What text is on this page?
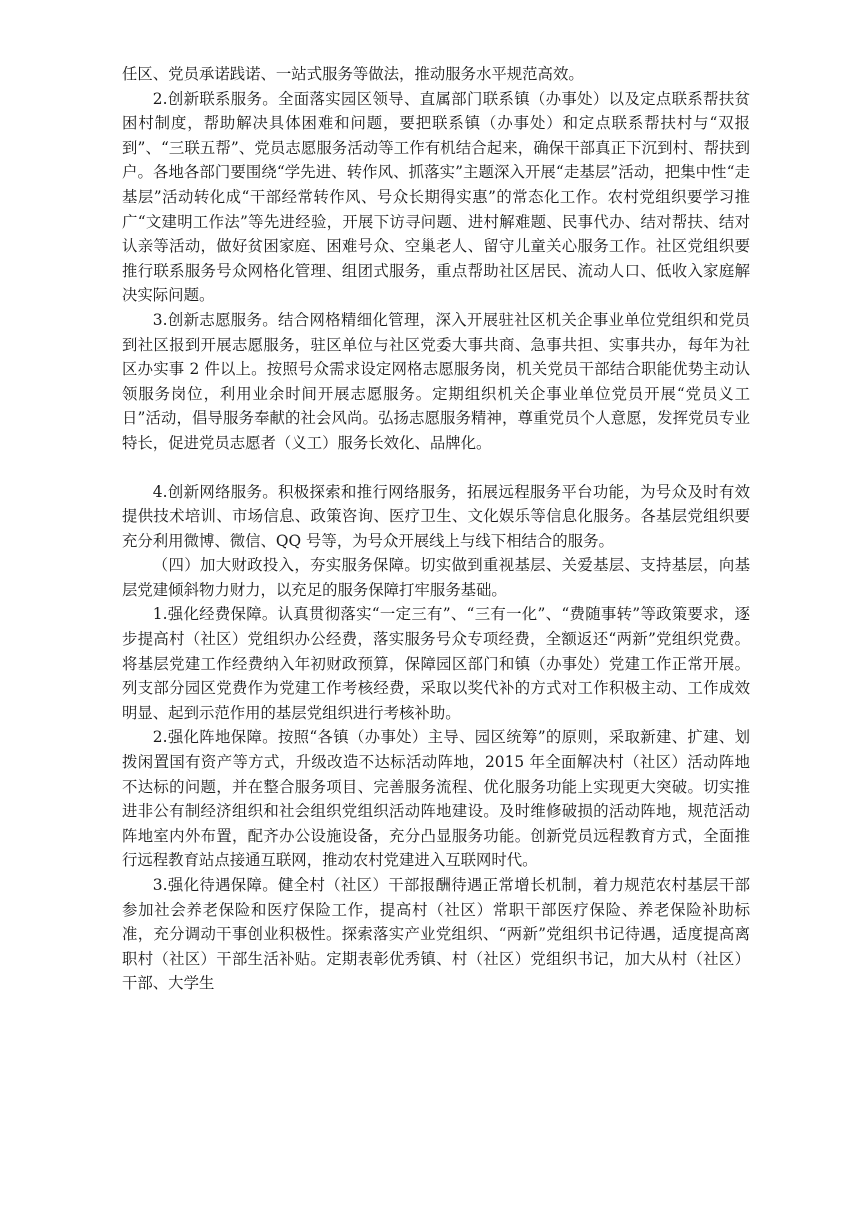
任区、党员承诺践诺、一站式服务等做法，推动服务水平规范高效。

2.创新联系服务。全面落实园区领导、直属部门联系镇（办事处）以及定点联系帮扶贫困村制度，帮助解决具体困难和问题，要把联系镇（办事处）和定点联系帮扶村与“双报到”、“三联五帮”、党员志愿服务活动等工作有机结合起来，确保干部真正下沉到村、帮扶到户。各地各部门要围绕“学先进、转作风、抓落实”主题深入开展“走基层”活动，把集中性“走基层”活动转化成“干部经常转作风、号众长期得实惠”的常态化工作。农村党组织要学习推广“文建明工作法”等先进经验，开展下访寻问题、进村解难题、民事代办、结对帮扶、结对认亲等活动，做好贫困家庭、困难号众、空巢老人、留守儿童关心服务工作。社区党组织要推行联系服务号众网格化管理、组团式服务，重点帮助社区居民、流动人口、低收入家庭解决实际问题。

3.创新志愿服务。结合网格精细化管理，深入开展驻社区机关企事业单位党组织和党员到社区报到开展志愿服务，驻区单位与社区党委大事共商、急事共担、实事共办，每年为社区办实事 2 件以上。按照号众需求设定网格志愿服务岗，机关党员干部结合职能优势主动认领服务岗位，利用业余时间开展志愿服务。定期组织机关企事业单位党员开展“党员义工日”活动，倡导服务奉献的社会风尚。弘扬志愿服务精神，尊重党员个人意愿，发挥党员专业特长，促进党员志愿者（义工）服务长效化、品牌化。

4.创新网络服务。积极探索和推行网络服务，拓展远程服务平台功能，为号众及时有效提供技术培训、市场信息、政策咨询、医疗卫生、文化娱乐等信息化服务。各基层党组织要充分利用微博、微信、QQ 号等，为号众开展线上与线下相结合的服务。

（四）加大财政投入，夯实服务保障。切实做到重视基层、关爱基层、支持基层，向基层党建倾斜物力财力，以充足的服务保障打牢服务基础。

1.强化经费保障。认真贯彻落实“一定三有”、“三有一化”、“费随事转”等政策要求，逐步提高村（社区）党组织办公经费，落实服务号众专项经费，全额返还“两新”党组织党费。将基层党建工作经费纳入年初财政预算，保障园区部门和镇（办事处）党建工作正常开展。列支部分园区党费作为党建工作考核经费，采取以奖代补的方式对工作积极主动、工作成效明显、起到示范作用的基层党组织进行考核补助。

2.强化阵地保障。按照“各镇（办事处）主导、园区统筹”的原则，采取新建、扩建、划拨闲置国有资产等方式，升级改造不达标活动阵地，2015 年全面解决村（社区）活动阵地不达标的问题，并在整合服务项目、完善服务流程、优化服务功能上实现更大突破。切实推进非公有制经济组织和社会组织党组织活动阵地建设。及时维修破损的活动阵地，规范活动阵地室内外布置，配齐办公设施设备，充分凸显服务功能。创新党员远程教育方式，全面推行远程教育站点接通互联网，推动农村党建进入互联网时代。

3.强化待遇保障。健全村（社区）干部报酬待遇正常增长机制，着力规范农村基层干部参加社会养老保险和医疗保险工作，提高村（社区）常职干部医疗保险、养老保险补助标准，充分调动干事创业积极性。探索落实产业党组织、“两新”党组织书记待遇，适度提高离职村（社区）干部生活补贴。定期表彰优秀镇、村（社区）党组织书记，加大从村（社区）干部、大学生
